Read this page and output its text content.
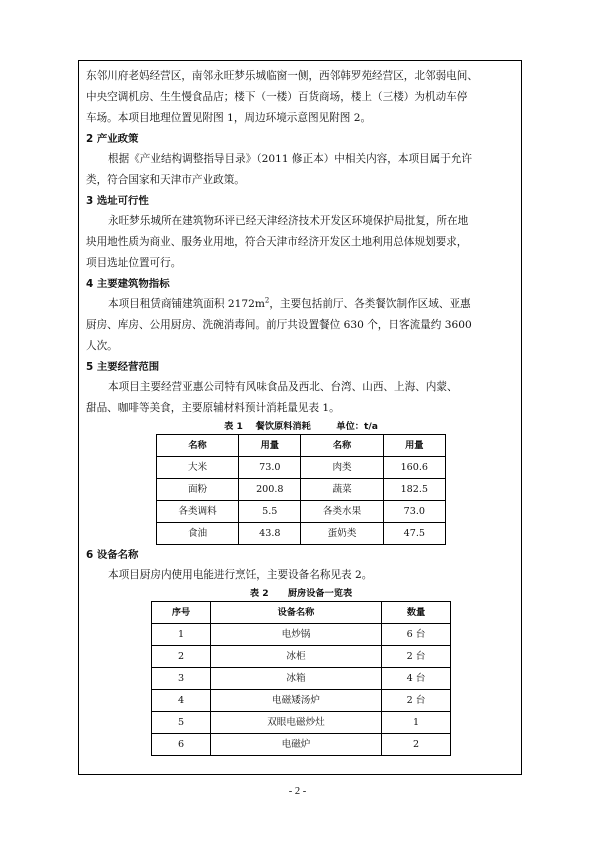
东邻川府老妈经营区，南邻永旺梦乐城临窗一侧，西邻韩罗苑经营区，北邻弱电间、

中央空调机房、生生慢食品店；楼下（一楼）百货商场，楼上（三楼）为机动车停

车场。本项目地理位置见附图 1，周边环境示意图见附图 2。

2 产业政策

根据《产业结构调整指导目录》（2011 修正本）中相关内容，本项目属于允许

类，符合国家和天津市产业政策。

3 选址可行性

永旺梦乐城所在建筑物环评已经天津经济技术开发区环境保护局批复，所在地

块用地性质为商业、服务业用地，符合天津市经济开发区土地利用总体规划要求，

项目选址位置可行。

4 主要建筑物指标

本项目租赁商铺建筑面积 $2172m^2$，主要包括前厅、各类餐饮制作区域、亚惠

厨房、库房、公用厨房、洗碗消毒间。前厅共设置餐位 630 个，日客流量约 3600

人次。

5 主要经营范围

本项目主要经营亚惠公司特有风味食品及西北、台湾、山西、上海、内蒙、

甜品、咖啡等美食，主要原辅材料预计消耗量见表 1。

表 1    餐饮原料消耗        单位：t/a

名称	用量	名称	用量
大米	73.0	肉类	160.6
面粉	200.8	蔬菜	182.5
各类调料	5.5	各类水果	73.0
食油	43.8	蛋奶类	47.5

6 设备名称

本项目厨房内使用电能进行烹饪，主要设备名称见表 2。

表 2      厨房设备一览表

序号	设备名称	数量
1	电炒锅	6 台
2	冰柜	2 台
3	冰箱	4 台
4	电磁矮汤炉	2 台
5	双眼电磁炒灶	1
6	电磁炉	2
- 2 -
